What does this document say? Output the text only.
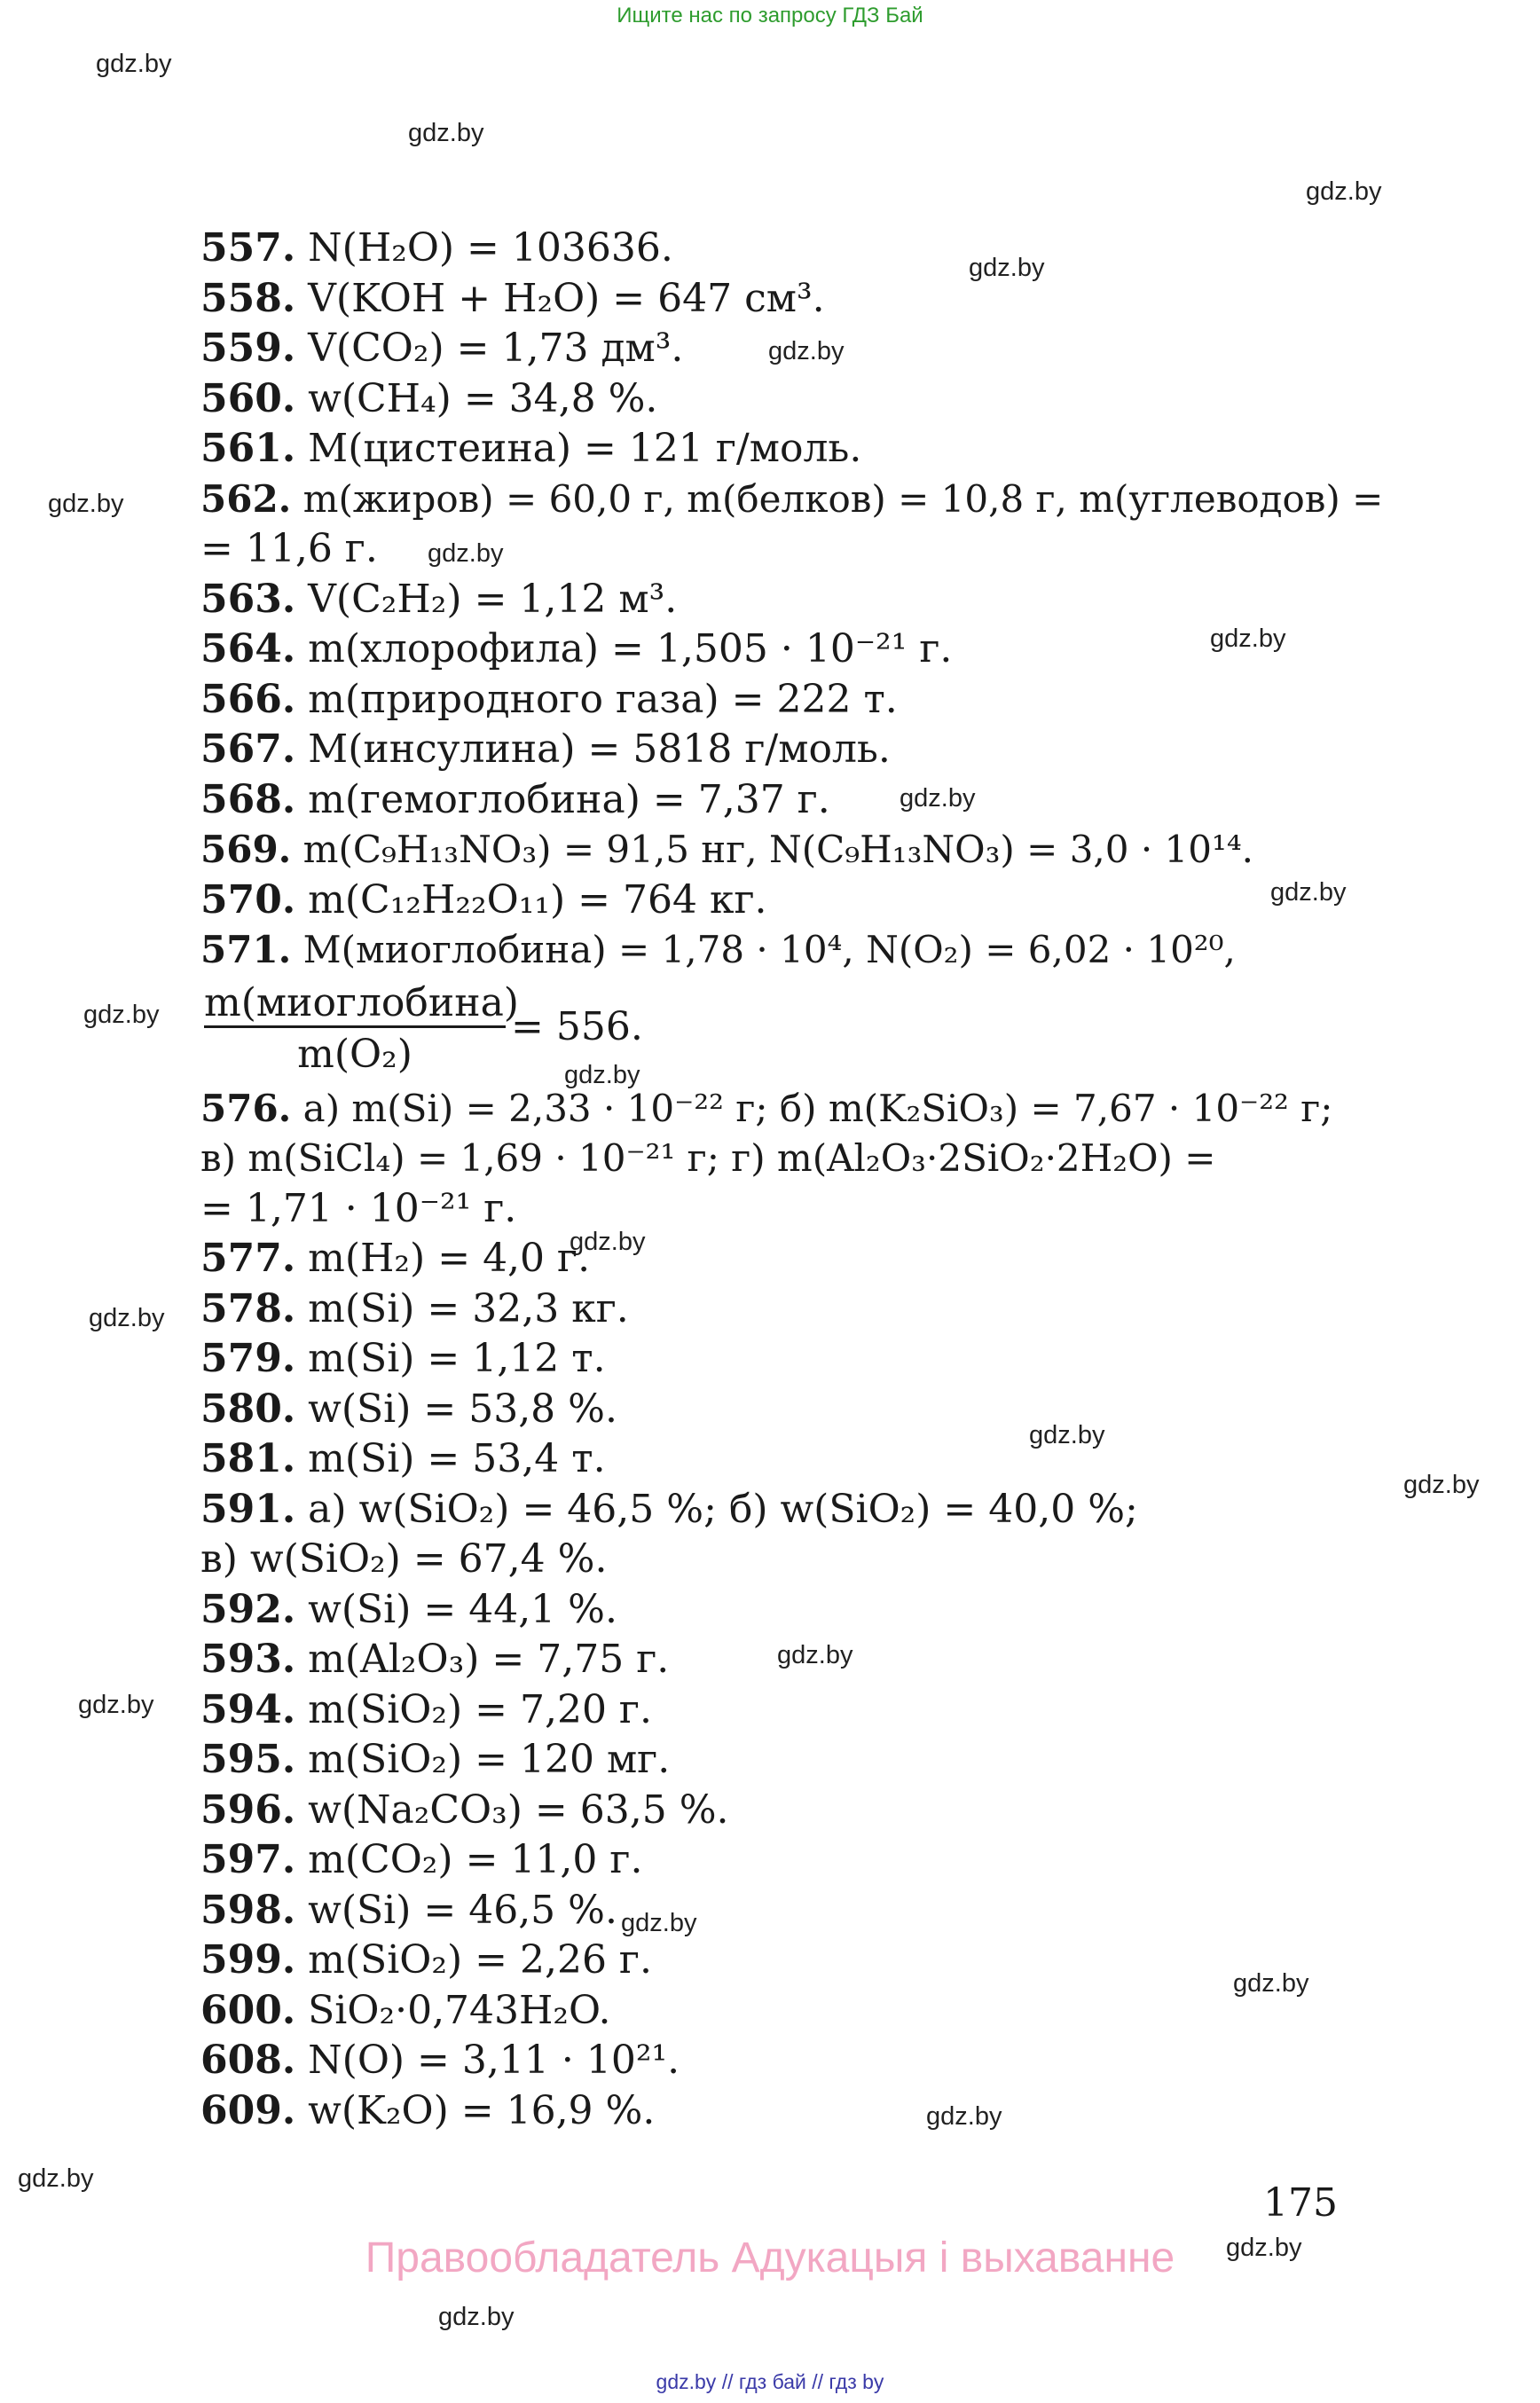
Ищите нас по запросу ГДЗ Бай
gdz.by
gdz.by
gdz.by
gdz.by
gdz.by
gdz.by
gdz.by
gdz.by
gdz.by
gdz.by
gdz.by
gdz.by
gdz.by
gdz.by
gdz.by
gdz.by
gdz.by
gdz.by
gdz.by
gdz.by
gdz.by
gdz.by
gdz.by
gdz.by
557. N(H₂O) = 103636.
558. V(KOH + H₂O) = 647 см³.
559. V(CO₂) = 1,73 дм³.
560. w(CH₄) = 34,8 %.
561. M(цистеина) = 121 г/моль.
562. m(жиров) = 60,0 г, m(белков) = 10,8 г, m(углеводов) =
= 11,6 г.
563. V(C₂H₂) = 1,12 м³.
564. m(хлорофила) = 1,505 · 10⁻²¹ г.
566. m(природного газа) = 222 т.
567. M(инсулина) = 5818 г/моль.
568. m(гемоглобина) = 7,37 г.
569. m(C₉H₁₃NO₃) = 91,5 нг, N(C₉H₁₃NO₃) = 3,0 · 10¹⁴.
570. m(C₁₂H₂₂O₁₁) = 764 кг.
571. M(миоглобина) = 1,78 · 10⁴, N(O₂) = 6,02 · 10²⁰,
m(миоглобина)
m(O₂)
= 556.
576. а) m(Si) = 2,33 · 10⁻²² г; б) m(K₂SiO₃) = 7,67 · 10⁻²² г;
в) m(SiCl₄) = 1,69 · 10⁻²¹ г; г) m(Al₂O₃·2SiO₂·2H₂O) =
= 1,71 · 10⁻²¹ г.
577. m(H₂) = 4,0 г.
578. m(Si) = 32,3 кг.
579. m(Si) = 1,12 т.
580. w(Si) = 53,8 %.
581. m(Si) = 53,4 т.
591. а) w(SiO₂) = 46,5 %; б) w(SiO₂) = 40,0 %;
в) w(SiO₂) = 67,4 %.
592. w(Si) = 44,1 %.
593. m(Al₂O₃) = 7,75 г.
594. m(SiO₂) = 7,20 г.
595. m(SiO₂) = 120 мг.
596. w(Na₂CO₃) = 63,5 %.
597. m(CO₂) = 11,0 г.
598. w(Si) = 46,5 %.
599. m(SiO₂) = 2,26 г.
600. SiO₂·0,743H₂O.
608. N(O) = 3,11 · 10²¹.
609. w(K₂O) = 16,9 %.
175
Правообладатель Адукацыя і выхаванне
gdz.by // гдз бай // гдз by
